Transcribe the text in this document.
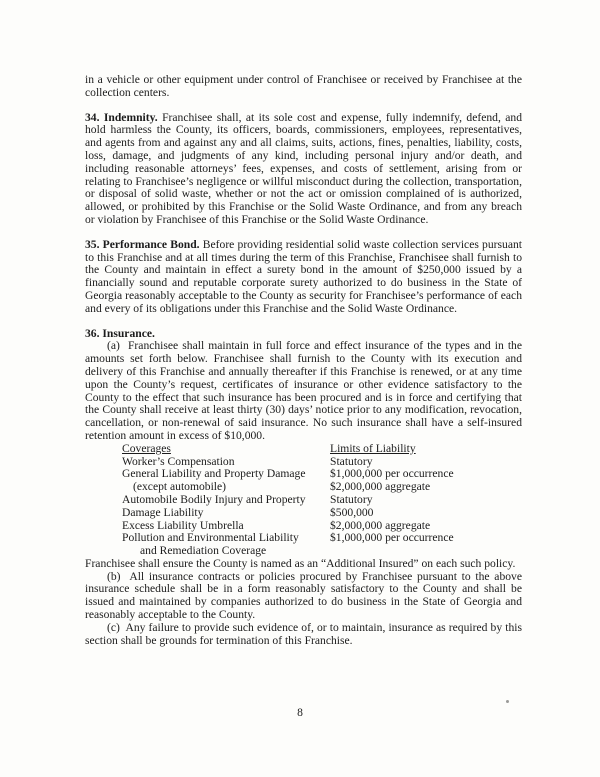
in a vehicle or other equipment under control of Franchisee or received by Franchisee at the collection centers.

34. Indemnity. Franchisee shall, at its sole cost and expense, fully indemnify, defend, and hold harmless the County, its officers, boards, commissioners, employees, representatives, and agents from and against any and all claims, suits, actions, fines, penalties, liability, costs, loss, damage, and judgments of any kind, including personal injury and/or death, and including reasonable attorneys’ fees, expenses, and costs of settlement, arising from or relating to Franchisee’s negligence or willful misconduct during the collection, transportation, or disposal of solid waste, whether or not the act or omission complained of is authorized, allowed, or prohibited by this Franchise or the Solid Waste Ordinance, and from any breach or violation by Franchisee of this Franchise or the Solid Waste Ordinance.

35. Performance Bond. Before providing residential solid waste collection services pursuant to this Franchise and at all times during the term of this Franchise, Franchisee shall furnish to the County and maintain in effect a surety bond in the amount of $250,000 issued by a financially sound and reputable corporate surety authorized to do business in the State of Georgia reasonably acceptable to the County as security for Franchisee’s performance of each and every of its obligations under this Franchise and the Solid Waste Ordinance.

36. Insurance.

(a)  Franchisee shall maintain in full force and effect insurance of the types and in the amounts set forth below. Franchisee shall furnish to the County with its execution and delivery of this Franchise and annually thereafter if this Franchise is renewed, or at any time upon the County’s request, certificates of insurance or other evidence satisfactory to the County to the effect that such insurance has been procured and is in force and certifying that the County shall receive at least thirty (30) days’ notice prior to any modification, revocation, cancellation, or non-renewal of said insurance. No such insurance shall have a self-insured retention amount in excess of $10,000.

Coverages	Limits of Liability
Worker’s Compensation	Statutory
General Liability and Property Damage	$1,000,000 per occurrence
(except automobile)	$2,000,000 aggregate
Automobile Bodily Injury and Property	Statutory
Damage Liability	$500,000
Excess Liability Umbrella	$2,000,000 aggregate
Pollution and Environmental Liability	$1,000,000 per occurrence
and Remediation Coverage

Franchisee shall ensure the County is named as an “Additional Insured” on each such policy.

(b)  All insurance contracts or policies procured by Franchisee pursuant to the above insurance schedule shall be in a form reasonably satisfactory to the County and shall be issued and maintained by companies authorized to do business in the State of Georgia and reasonably acceptable to the County.

(c)  Any failure to provide such evidence of, or to maintain, insurance as required by this section shall be grounds for termination of this Franchise.

8
